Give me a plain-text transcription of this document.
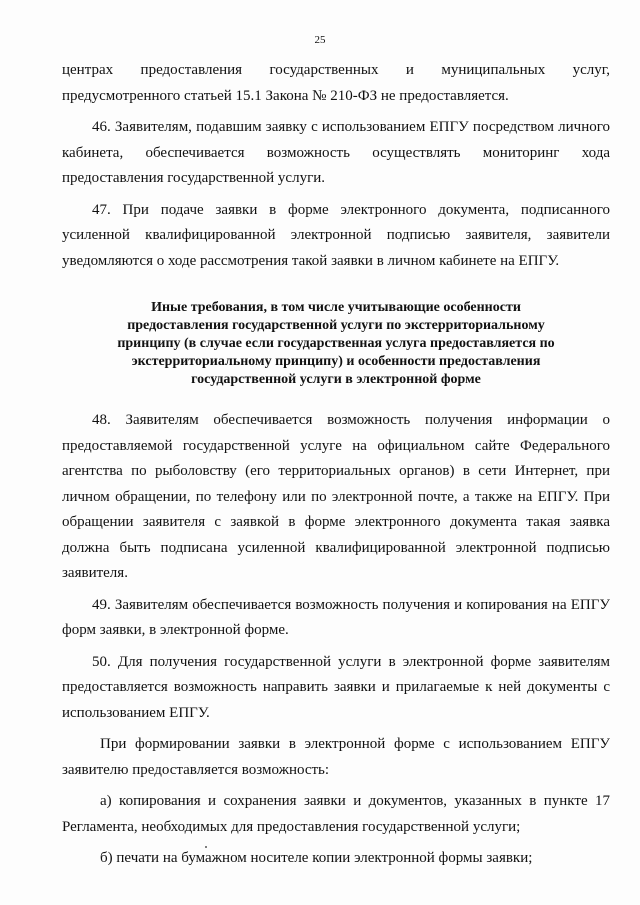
25

центрах предоставления государственных и муниципальных услуг, предусмотренного статьей 15.1 Закона № 210-ФЗ не предоставляется.

46. Заявителям, подавшим заявку с использованием ЕПГУ посредством личного кабинета, обеспечивается возможность осуществлять мониторинг хода предоставления государственной услуги.

47. При подаче заявки в форме электронного документа, подписанного усиленной квалифицированной электронной подписью заявителя, заявители уведомляются о ходе рассмотрения такой заявки в личном кабинете на ЕПГУ.

Иные требования, в том числе учитывающие особенности
предоставления государственной услуги по экстерриториальному
принципу (в случае если государственная услуга предоставляется по
экстерриториальному принципу) и особенности предоставления
государственной услуги в электронной форме

48. Заявителям обеспечивается возможность получения информации о предоставляемой государственной услуге на официальном сайте Федерального агентства по рыболовству (его территориальных органов) в сети Интернет, при личном обращении, по телефону или по электронной почте, а также на ЕПГУ. При обращении заявителя с заявкой в форме электронного документа такая заявка должна быть подписана усиленной квалифицированной электронной подписью заявителя.

49. Заявителям обеспечивается возможность получения и копирования на ЕПГУ форм заявки, в электронной форме.

50. Для получения государственной услуги в электронной форме заявителям предоставляется возможность направить заявки и прилагаемые к ней документы с использованием ЕПГУ.

При формировании заявки в электронной форме с использованием ЕПГУ заявителю предоставляется возможность:

а) копирования и сохранения заявки и документов, указанных в пункте 17 Регламента, необходимых для предоставления государственной услуги;

б) печати на бумажном носителе копии электронной формы заявки;
